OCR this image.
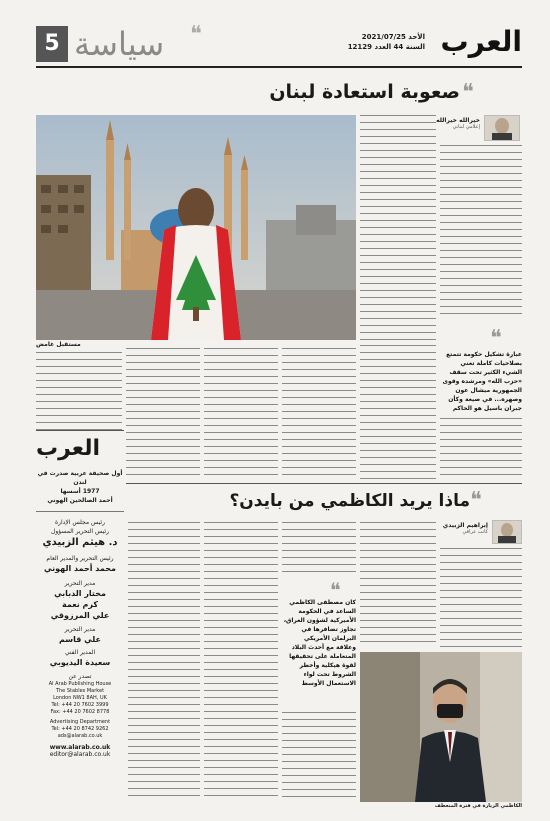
5 سياسة	❝	الأحد 2021/07/25
السنة 44 العدد 12129 العرب
صعوبة استعادة لبنان ❝
مستقبل غامض
خيرالله خيرالله
إعلامي لبناني
❝
عبارة تشكيل حكومة تتمتع بصلاحيات كاملة تعني الشيء الكثير تحت سقف «حزب الله» ومرشده وقوى الجمهورية ميشال عون وصهره... في صيغة وكأن جبران باسيل هو الحاكم
العرب
أول صحيفة عربية صدرت في لندن
1977 أسسها
أحمد الصالحين الهوني
رئيس مجلس الإدارة
رئيس التحرير المسؤول
د. هيثم الزبيدي
رئيس التحرير والمدير العام
محمد أحمد الهوني
مدير التحرير
مختار الدبابي
كرم نعمة
علي المرزوقي
مدير التحرير
علي قاسم
المدير الفني
سعيدة اليديوبي
تصدر عن
Al Arab Publishing House
The Stables Market
London NW1 8AH, UK
Tel: +44 20 7602 3999
Fax: +44 20 7602 8778
Advertising Department
Tel: +44 20 8742 9262
ads@alarab.co.uk
www.alarab.co.uk
editor@alarab.co.uk
ماذا يريد الكاظمي من بايدن؟ ❝
إبراهيم الزبيدي
كاتب عراقي
❝
كان مصطفى الكاظمي الساعد في الحكومة الأميركية لشؤون العراق، تجاوز تضافرها في البرلمان الأمريكي وعلاقة مع أحدث البلاد المتعاملة على تحقيقها لقوة هيكلية وأخطر الشروط تحت لواء الاستعمال الأوسط
الكاظمي الزيارة في فترة المنعطف
